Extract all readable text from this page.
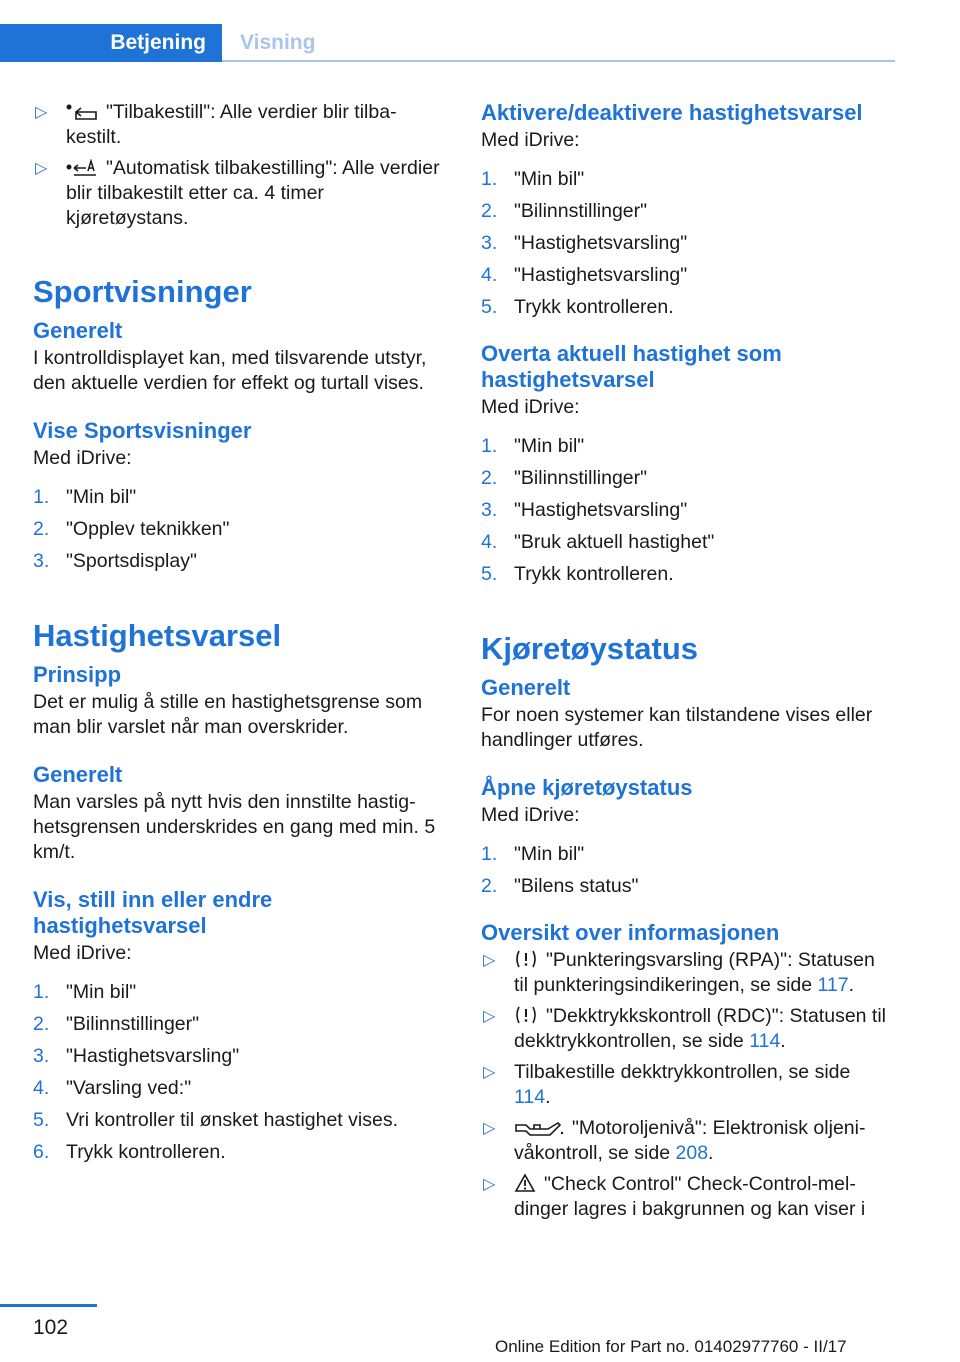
Betjening	Visning
▷	"Tilbakestill": Alle verdier blir tilbakestilt.
▷	"Automatisk tilbakestilling": Alle verdier blir tilbakestilt etter ca. 4 timer kjøretøystans.
Sportvisninger
Generelt

I kontrolldisplayet kan, med tilsvarende utstyr, den aktuelle verdien for effekt og turtall vises.

Vise Sportsvisninger

Med iDrive:

1. "Min bil"
2. "Opplev teknikken"
3. "Sportsdisplay"
Hastighetsvarsel
Prinsipp

Det er mulig å stille en hastighetsgrense som man blir varslet når man overskrider.

Generelt

Man varsles på nytt hvis den innstilte hastighetsgrensen underskrides en gang med min. 5 km/t.

Vis, still inn eller endre hastighetsvarsel

Med iDrive:

1. "Min bil"
2. "Bilinnstillinger"
3. "Hastighetsvarsling"
4. "Varsling ved:"
5. Vri kontroller til ønsket hastighet vises.
6. Trykk kontrolleren.
Aktivere/deaktivere hastighetsvarsel

Med iDrive:

1. "Min bil"
2. "Bilinnstillinger"
3. "Hastighetsvarsling"
4. "Hastighetsvarsling"
5. Trykk kontrolleren.
Overta aktuell hastighet som hastighetsvarsel

Med iDrive:

1. "Min bil"
2. "Bilinnstillinger"
3. "Hastighetsvarsling"
4. "Bruk aktuell hastighet"
5. Trykk kontrolleren.
Kjøretøystatus
Generelt

For noen systemer kan tilstandene vises eller handlinger utføres.

Åpne kjøretøystatus

Med iDrive:

1. "Min bil"
2. "Bilens status"
Oversikt over informasjonen
▷	"Punkteringsvarsling (RPA)": Statusen til punkteringsindikeringen, se side 117.
▷	"Dekktrykkskontroll (RDC)": Statusen til dekktrykkontrollen, se side 114.
▷ Tilbakestille dekktrykkontrollen, se side 114.
▷	"Motoroljenivå": Elektronisk oljenivåkontroll, se side 208.
▷ "Check Control" Check-Control-meldinger lagres i bakgrunnen og kan viser i
102
Online Edition for Part no. 01402977760 - II/17
